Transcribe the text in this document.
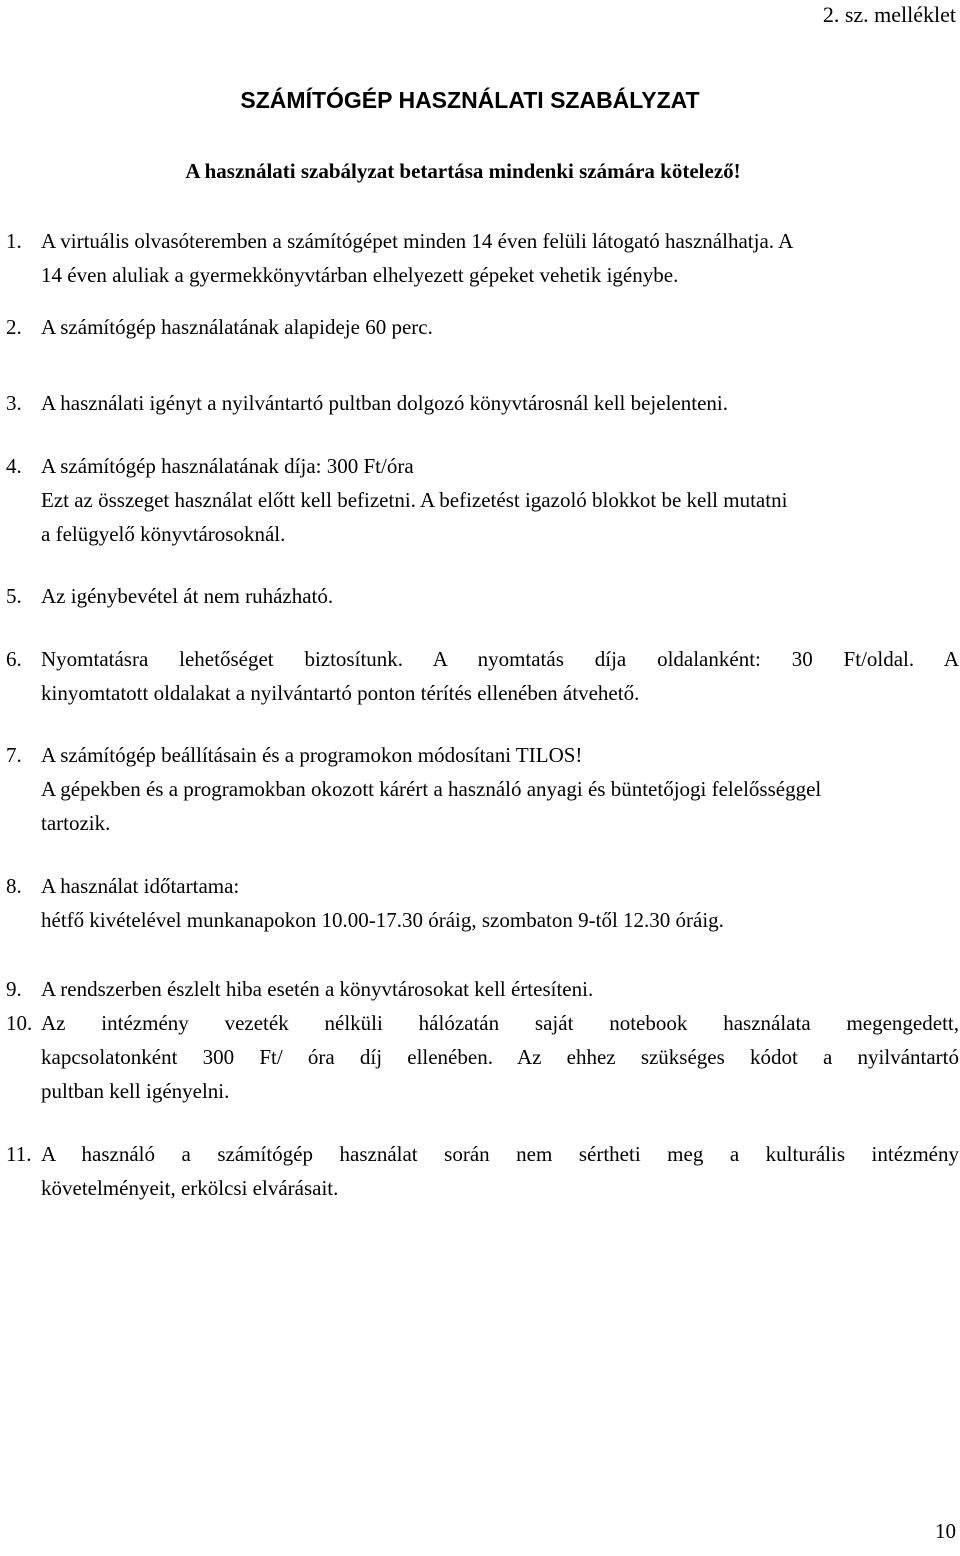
2. sz. melléklet

SZÁMÍTÓGÉP HASZNÁLATI SZABÁLYZAT

A használati szabályzat betartása mindenki számára kötelező!

1. A virtuális olvasóteremben a számítógépet minden 14 éven felüli látogató használhatja. A
14 éven aluliak a gyermekkönyvtárban elhelyezett gépeket vehetik igénybe.
2. A számítógép használatának alapideje 60 perc.
3. A használati igényt a nyilvántartó pultban dolgozó könyvtárosnál kell bejelenteni.
4. A számítógép használatának díja: 300 Ft/óra
Ezt az összeget használat előtt kell befizetni. A befizetést igazoló blokkot be kell mutatni
a felügyelő könyvtárosoknál.
5. Az igénybevétel át nem ruházható.
6. Nyomtatásra lehetőséget biztosítunk. A nyomtatás díja oldalanként: 30 Ft/oldal. A
kinyomtatott oldalakat a nyilvántartó ponton térítés ellenében átvehető.
7. A számítógép beállításain és a programokon módosítani TILOS!
A gépekben és a programokban okozott kárért a használó anyagi és büntetőjogi felelősséggel
tartozik.
8. A használat időtartama:
hétfő kivételével munkanapokon 10.00-17.30 óráig, szombaton 9-től 12.30 óráig.
9. A rendszerben észlelt hiba esetén a könyvtárosokat kell értesíteni.
10. Az intézmény vezeték nélküli hálózatán saját notebook használata megengedett,
kapcsolatonként 300 Ft/ óra díj ellenében. Az ehhez szükséges kódot a nyilvántartó
pultban kell igényelni.
11. A használó a számítógép használat során nem sértheti meg a kulturális intézmény
követelményeit, erkölcsi elvárásait.

10
